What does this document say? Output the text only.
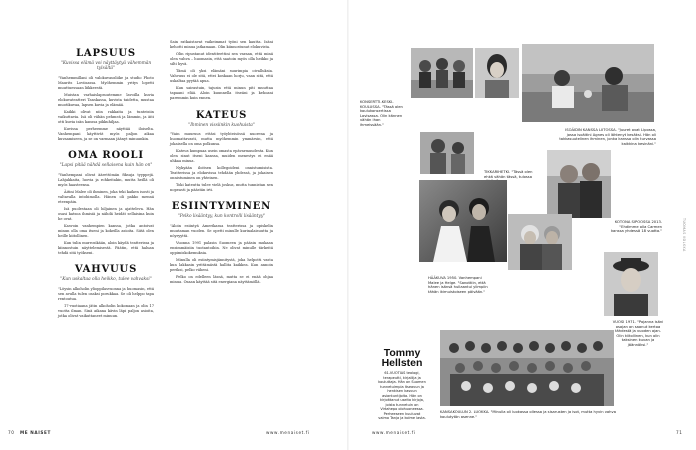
LAPSUUS
"Kuvissa elämä voi näyttäytyä vähemmän tylsältä"

"Vanhemmillani oli valokuvausliike ja studio Photo Maurits Loviisassa. Myöhemmin yritys lopetti muuttuessaan liikkeestä.

Muistan varhaislapsuutemme lavoilla kuvia elokuvateatteri Tanskassa, kuvista taidetta, mustaa muotikuvaa, lapsen kuvia ja elämää.

Kaikki olivat niin rakkaita ja tunteisiin vaikuttavia. Isä oli vähän pehmeä ja lämmin, ja äiti otti kuvia isän kanssa pikkuhiljaa.

Kuvissa perheemme näyttää iloiselta. Vanhempani käyttivät myös paljon aikaa kuvaamiseen, ja se on varmaan jäänyt minuunkin.

OMA ROOLI
"Lapsi pitää nähdä sellaisena kuin hän on"

"Vanhempani olivat äärettömän fiksuja tyyppejä. Lahjakkaita, luovia ja rohkeitakin, mutta heillä oli myös haasteensa.

Äitini Malee oli ihminen, joka teki kaiken isosti ja valtavalla intohimolla. Hänen oli pakko mennä eteenpäin.

Isä puolestaan oli hiljainen ja ajatteleva. Hän osasi katsoa ihmisiä ja nähdä heidät sellaisina kuin he ovat.

Kasvoin vanhempien kanssa, jotka antoivat minun olla oma itseni ja kokeilla asioita. Siitä olen heille kiitollinen.

Kun tulin murrosikään, aloin käydä teatterissa ja kiinnostuin näyttelemisestä. Päätin, että haluan tehdä sitä työkseni.

VAHVUUS
"Kun uskaltaa olla heikko, tulee vahvaksi"

"Löysin alkoholin ylioppilasvuonna ja huomasin, että sen avulla tulen osaksi porukkaa. Se oli helppo tapa rentoutua.

17-vuotiaana jätin alkoholin kokonaan ja olin 17 vuotta ilman. Sinä aikana kävin läpi paljon asioita, jotka olivat vaikuttaneet minuun.

Sain ratkaistavat vaikeimmat työni sen kautta. Isäni kehotti minua jatkamaan. Olin kiinnostunut elokuvista.

Olin ripustanut identiteettini sen varaan, että minä olen vahva – huomasin, että saatoin myös olla heikko ja silti hyvä.

Tämä oli yksi elämäni suurimpia oivalluksia. Vahvuus ei ole sitä, ettei koskaan horju, vaan sitä, että uskaltaa pyytää apua.

Kun sairastuin, tajusin että minun piti muuttaa tapaani elää. Aloin kuunnella itseäni ja kehoani paremmin kuin ennen.

KATEUS
"Ihminen vissiinkin kuohuista"

"Vain muuruus ettäsi työyhteisössä nuorena ja huomattavasti, mutta myöhemmin ymmärsin, että jokaisella on oma polkunsa.

Kateus kumpuaa usein omasta epävarmuudesta. Kun olen sinut itseni kanssa, muiden menestys ei enää uhkaa minua.

Nykyään iloitsen kollegoideni onnistumisista. Teatterissa ja elokuvissa tehdään yhdessä, ja jokaisen onnistuminen on yhteinen.

Toki kateutta tulee vielä joskus, mutta tunnistan sen nopeasti ja päästän irti.

ESIINTYMINEN
"Pelko lisääntyy, kun kontrolli lisääntyy"

"Aloin esiintyä Amerikassa teatterissa ja opiskelin muutaman vuoden. Se opetti minulle kurinalaisuutta ja nöyryyttä.

Vuonna 1991 palasin Suomeen ja pääsin mukaan ensimmäisiin tuotantoihin. Ne olivat minulle tärkeitä oppimiskokemuksia.

Minulla oli esiintymisjännitystä, joka helpotti vasta kun lakkasin yrittämästä hallita kaikkea. Kun annoin periksi, pelko väheni.

Pelko on edelleen läsnä, mutta se ei enää ohjaa minua. Osaan käyttää sitä energiana näyttämöllä.

70 ME NAISET	www.menaiset.fi
KONSERTTI-KESKI-KOULUSSA. "Tässä olen koulukonsertissa Lovisassa. Olin kännen vähän ihan ihmeissään."
ISOÄIDIN KANSSA LIITOSSA. "Juuret ovat Lipossa, jossa isoäitini Agnes oli lähtenyt kesäksi. Hän oli takkasuutelinen ihminen, jonka kanssa olin turvassa kaikkina kesinäni."
TIKKARIHETKI. "Tässä olen ehkä vähän tässä, tulossa
KOTONA SIPOOSSA 2013. "Ehdimme olla Carmen kanssa yhdessä 18 vuotta."
HÄÄKUVA 1950. Vanhempani Malee ja Helge. "Sanottiin, että hänen isänsä hullaantui ylimpiin tähän ikimuistoiseen päivään."
VUOSI 1971. "Pojanna isäni osajan on saanut kertoa tähdestä ja vuoden ajan. Olin kiitollinen, kun olin taksinen kuvan ja jäännöksi."
Tommy
Hellsten
61-VUOTIAS teologi, terapeutti, kirjailija ja kouluttaja. Hän on Suomen tunnetuimpia itseavun ja henkisen kasvun asiantuntijoita. Hän on kirjoittanut useita kirjoja, joista tunnetuin on Virtahepo olohuoneessa. Perheeseen kuuluvat vaimo Tanja ja kolme lasta.
KANSAKOULUN 2. LUOKKA. "Minulla oli luokassa ollessa ja sisarusten ja isot, mutta hyvin vahva koulutytön asenne."
TUOMAS KOLKKA
www.menaiset.fi	71
